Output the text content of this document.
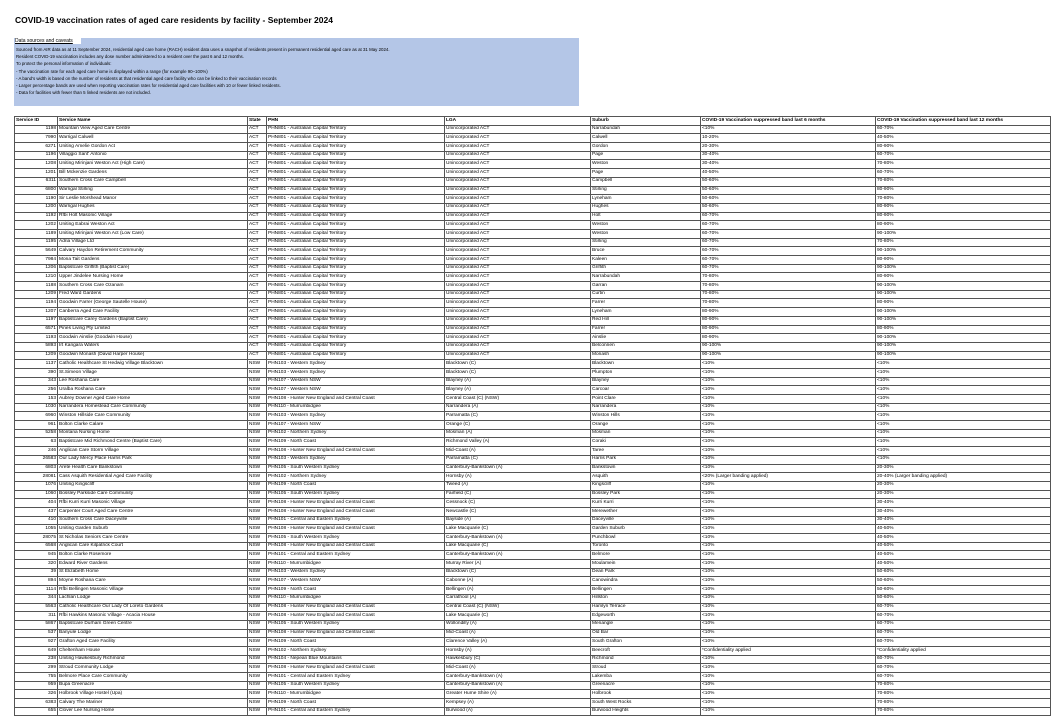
COVID-19 vaccination rates of aged care residents by facility - September 2024
Sourced from AIR data as at 11 September 2024, residential aged care home (RACH) resident data uses a snapshot of residents present in permanent residential aged care as at 31 May 2024.
Resident COVID-19 vaccination includes any dose number administered to a resident over the past 6 and 12 months.
To protect the personal information of individuals:
- The vaccination rate for each aged care home is displayed within a range (for example 90–100%)
- A band's width is based on the number of residents at that residential aged care facility who can be linked to their vaccination records
- Larger percentage bands are used when reporting vaccination rates for residential aged care facilities with 10 or fewer linked residents.
- Data for facilities with fewer than 5 linked residents are not included.
Data sources and caveats
Service ID	Service Name	State	PHN	LGA	Suburb	COVID-19 Vaccination suppressed band last 6 months	COVID-19 Vaccination suppressed band last 12 months
1198	Mountain View Aged Care Centre	ACT	PHN801 - Australian Capital Territory	Unincorporated ACT	Narrabundah	<10%	60-70%
7990	Warrigal Calwell	ACT	PHN801 - Australian Capital Territory	Unincorporated ACT	Calwell	10-20%	40-50%
6271	Uniting Amelie Gordon Act	ACT	PHN801 - Australian Capital Territory	Unincorporated ACT	Gordon	20-30%	80-90%
1196	Villaggio Sant' Antonio	ACT	PHN801 - Australian Capital Territory	Unincorporated ACT	Page	30-40%	60-70%
1208	Uniting Mirinjani Weston Act (High Care)	ACT	PHN801 - Australian Capital Territory	Unincorporated ACT	Weston	30-40%	70-80%
1201	Bill Mckenzie Gardens	ACT	PHN801 - Australian Capital Territory	Unincorporated ACT	Page	40-50%	60-70%
6311	Southern Cross Care Campbell	ACT	PHN801 - Australian Capital Territory	Unincorporated ACT	Campbell	50-60%	70-80%
6800	Warrigal Stirling	ACT	PHN801 - Australian Capital Territory	Unincorporated ACT	Stirling	50-60%	80-90%
1190	Sir Leslie Morshead Manor	ACT	PHN801 - Australian Capital Territory	Unincorporated ACT	Lyneham	50-60%	70-80%
1200	Warrigal Hughes	ACT	PHN801 - Australian Capital Territory	Unincorporated ACT	Hughes	50-60%	80-90%
1192	Rfbi Holt Masonic Village	ACT	PHN801 - Australian Capital Territory	Unincorporated ACT	Holt	60-70%	80-90%
1202	Uniting Eabrai Weston Act	ACT	PHN801 - Australian Capital Territory	Unincorporated ACT	Weston	60-70%	80-90%
1189	Uniting Mirinjani Weston Act (Low Care)	ACT	PHN801 - Australian Capital Territory	Unincorporated ACT	Weston	60-70%	90-100%
1195	Adria Village Ltd	ACT	PHN801 - Australian Capital Territory	Unincorporated ACT	Stirling	60-70%	70-80%
5649	Calvary Haydon Retirement Community	ACT	PHN801 - Australian Capital Territory	Unincorporated ACT	Bruce	60-70%	90-100%
7984	Mona Tait Gardens	ACT	PHN801 - Australian Capital Territory	Unincorporated ACT	Kaleen	60-70%	80-90%
1206	Baptistcare Griffith (Baptist Care)	ACT	PHN801 - Australian Capital Territory	Unincorporated ACT	Griffith	60-70%	90-100%
1210	Upper Jindelee Nursing Home	ACT	PHN801 - Australian Capital Territory	Unincorporated ACT	Narrabundah	70-80%	80-90%
1188	Southern Cross Care Ozanam	ACT	PHN801 - Australian Capital Territory	Unincorporated ACT	Garran	70-80%	90-100%
1209	Fred Ward Gardens	ACT	PHN801 - Australian Capital Territory	Unincorporated ACT	Curtin	70-80%	90-100%
1194	Goodwin Farrer (George Sautelle House)	ACT	PHN801 - Australian Capital Territory	Unincorporated ACT	Farrer	70-80%	80-90%
1207	Canberra Aged Care Facility	ACT	PHN801 - Australian Capital Territory	Unincorporated ACT	Lyneham	80-90%	90-100%
1197	Baptistcare Carey Gardens (Baptist Care)	ACT	PHN801 - Australian Capital Territory	Unincorporated ACT	Red Hill	80-90%	90-100%
6571	Pines Living Pty Limited	ACT	PHN801 - Australian Capital Territory	Unincorporated ACT	Farrer	80-90%	80-90%
1193	Goodwin Ainslie (Goodwin House)	ACT	PHN801 - Australian Capital Territory	Unincorporated ACT	Ainslie	80-90%	90-100%
5893	Irt Kangara Waters	ACT	PHN801 - Australian Capital Territory	Unincorporated ACT	Belconnen	90-100%	90-100%
1209	Goodwin Monash (David Harper House)	ACT	PHN801 - Australian Capital Territory	Unincorporated ACT	Monash	90-100%	90-100%
1137	Catholic Healthcare St Hedwig Village Blacktown	NSW	PHN103 - Western Sydney	Blacktown (C)	Blacktown	<10%	<10%
390	St.Simeon Village	NSW	PHN103 - Western Sydney	Blacktown (C)	Plumpton	<10%	<10%
343	Lee Roshana Care	NSW	PHN107 - Western NSW	Blayney (A)	Blayney	<10%	<10%
256	Uralba Roshana Care	NSW	PHN107 - Western NSW	Blayney (A)	Carcoar	<10%	<10%
153	Aubrey Downer Aged Care Home	NSW	PHN108 - Hunter New England and Central Coast	Central Coast (C) (NSW)	Point Clare	<10%	<10%
1030	Narrandera Homestead Care Community	NSW	PHN110 - Murrumbidgee	Narrandera (A)	Narrandera	<10%	<10%
6960	Winston Hillside Care Community	NSW	PHN103 - Western Sydney	Parramatta (C)	Winston Hills	<10%	<10%
961	Bolton Clarke Calare	NSW	PHN107 - Western NSW	Orange (C)	Orange	<10%	<10%
5258	Montana Nursing Home	NSW	PHN102 - Northern Sydney	Mosman (A)	Mosman	<10%	<10%
63	Baptistcare Mid Richmond Centre (Baptist Care)	NSW	PHN109 - North Coast	Richmond Valley (A)	Coraki	<10%	<10%
246	Anglican Care Storm Village	NSW	PHN108 - Hunter New England and Central Coast	Mid-Coast (A)	Taree	<10%	<10%
26583	Our Lady Mercy Place Harris Park	NSW	PHN103 - Western Sydney	Parramatta (C)	Harris Park	<10%	<10%
6803	Arete Health Care Bankstown	NSW	PHN105 - South Western Sydney	Canterbury-Bankstown (A)	Bankstown	<10%	20-30%
28081	Cass Asquith Residential Aged Care Facility	NSW	PHN102 - Northern Sydney	Hornsby (A)	Asquith	<20% (Larger banding applied)	20-40% (Larger banding applied)
1076	Uniting Kingscliff	NSW	PHN109 - North Coast	Tweed (A)	Kingscliff	<10%	20-30%
1060	Bossley Parkside Care Community	NSW	PHN105 - South Western Sydney	Fairfield (C)	Bossley Park	<10%	20-30%
404	Rfbi Kurri Kurri Masonic Village	NSW	PHN108 - Hunter New England and Central Coast	Cessnock (C)	Kurri Kurri	<10%	30-40%
437	Carpenter Court Aged Care Centre	NSW	PHN108 - Hunter New England and Central Coast	Newcastle (C)	Merewether	<10%	30-40%
410	Southern Cross Care Daceyville	NSW	PHN101 - Central and Eastern Sydney	Bayside (A)	Daceyville	<10%	30-40%
1055	Uniting Garden Suburb	NSW	PHN108 - Hunter New England and Central Coast	Lake Macquarie (C)	Garden Suburb	<10%	40-50%
28075	St Nicholas Seniors Care Centre	NSW	PHN105 - South Western Sydney	Canterbury-Bankstown (A)	Punchbowl	<10%	40-50%
6568	Anglican Care Kilpatrick Court	NSW	PHN108 - Hunter New England and Central Coast	Lake Macquarie (C)	Toronto	<10%	40-50%
945	Bolton Clarke Rosemore	NSW	PHN101 - Central and Eastern Sydney	Canterbury-Bankstown (A)	Belmore	<10%	40-50%
320	Edward River Gardens	NSW	PHN110 - Murrumbidgee	Murray River (A)	Moulamein	<10%	40-50%
39	St Elizabeth Home	NSW	PHN103 - Western Sydney	Blacktown (C)	Dean Park	<10%	50-60%
894	Moyne Roshana Care	NSW	PHN107 - Western NSW	Cabonne (A)	Canowindra	<10%	50-60%
1114	Rfbi Bellingen Masonic Village	NSW	PHN109 - North Coast	Bellingen (A)	Bellingen	<10%	50-60%
344	Lachlan Lodge	NSW	PHN110 - Murrumbidgee	Carrathool (A)	Hillston	<10%	50-60%
5563	Catholic Healthcare Our Lady Of Loreto Gardens	NSW	PHN108 - Hunter New England and Central Coast	Central Coast (C) (NSW)	Hamlyn Terrace	<10%	60-70%
311	Rfbi Hawkins Masonic Village - Acacia House	NSW	PHN108 - Hunter New England and Central Coast	Lake Macquarie (C)	Edgeworth	<10%	60-70%
5867	Baptistcare Durham Green Centre	NSW	PHN105 - South Western Sydney	Wollondilly (A)	Menangle	<10%	60-70%
537	Banyule Lodge	NSW	PHN108 - Hunter New England and Central Coast	Mid-Coast (A)	Old Bar	<10%	60-70%
927	Grafton Aged Care Facility	NSW	PHN109 - North Coast	Clarence Valley (A)	South Grafton	<10%	60-70%
649	Cheltenham House	NSW	PHN102 - Northern Sydney	Hornsby (A)	Beecroft	*Confidentiality applied	*Confidentiality applied
238	Uniting Hawkesbury Richmond	NSW	PHN104 - Nepean Blue Mountains	Hawkesbury (C)	Richmond	<10%	60-70%
299	Stroud Community Lodge	NSW	PHN108 - Hunter New England and Central Coast	Mid-Coast (A)	Stroud	<10%	60-70%
755	Belmore Place Care Community	NSW	PHN101 - Central and Eastern Sydney	Canterbury-Bankstown (A)	Lakemba	<10%	60-70%
959	Bupa Greenacre	NSW	PHN105 - South Western Sydney	Canterbury-Bankstown (A)	Greenacre	<10%	70-80%
326	Holbrook Village Hostel (Upa)	NSW	PHN110 - Murrumbidgee	Greater Hume Shire (A)	Holbrook	<10%	70-80%
6383	Calvary The Mariner	NSW	PHN109 - North Coast	Kempsey (A)	South West Rocks	<10%	70-80%
655	Clover Lee Nursing Home	NSW	PHN101 - Central and Eastern Sydney	Burwood (A)	Burwood Heights	<10%	70-80%
